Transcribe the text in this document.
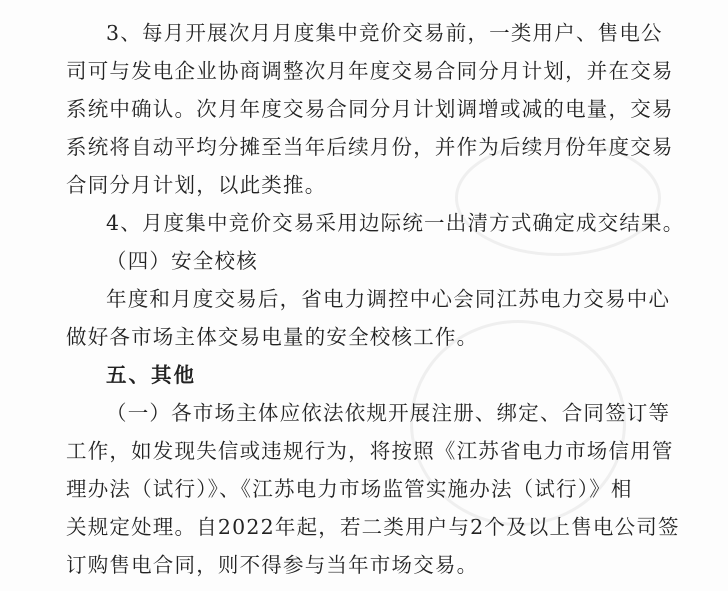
3、每月开展次月月度集中竞价交易前，一类用户、售电公
司可与发电企业协商调整次月年度交易合同分月计划，并在交易
系统中确认。次月年度交易合同分月计划调增或减的电量，交易
系统将自动平均分摊至当年后续月份，并作为后续月份年度交易
合同分月计划，以此类推。
4、月度集中竞价交易采用边际统一出清方式确定成交结果。
（四）安全校核
年度和月度交易后，省电力调控中心会同江苏电力交易中心
做好各市场主体交易电量的安全校核工作。
五、其他
（一）各市场主体应依法依规开展注册、绑定、合同签订等
工作，如发现失信或违规行为，将按照《江苏省电力市场信用管
理办法（试行）》、《江苏电力市场监管实施办法（试行）》相
关规定处理。自2022年起，若二类用户与2个及以上售电公司签
订购售电合同，则不得参与当年市场交易。
